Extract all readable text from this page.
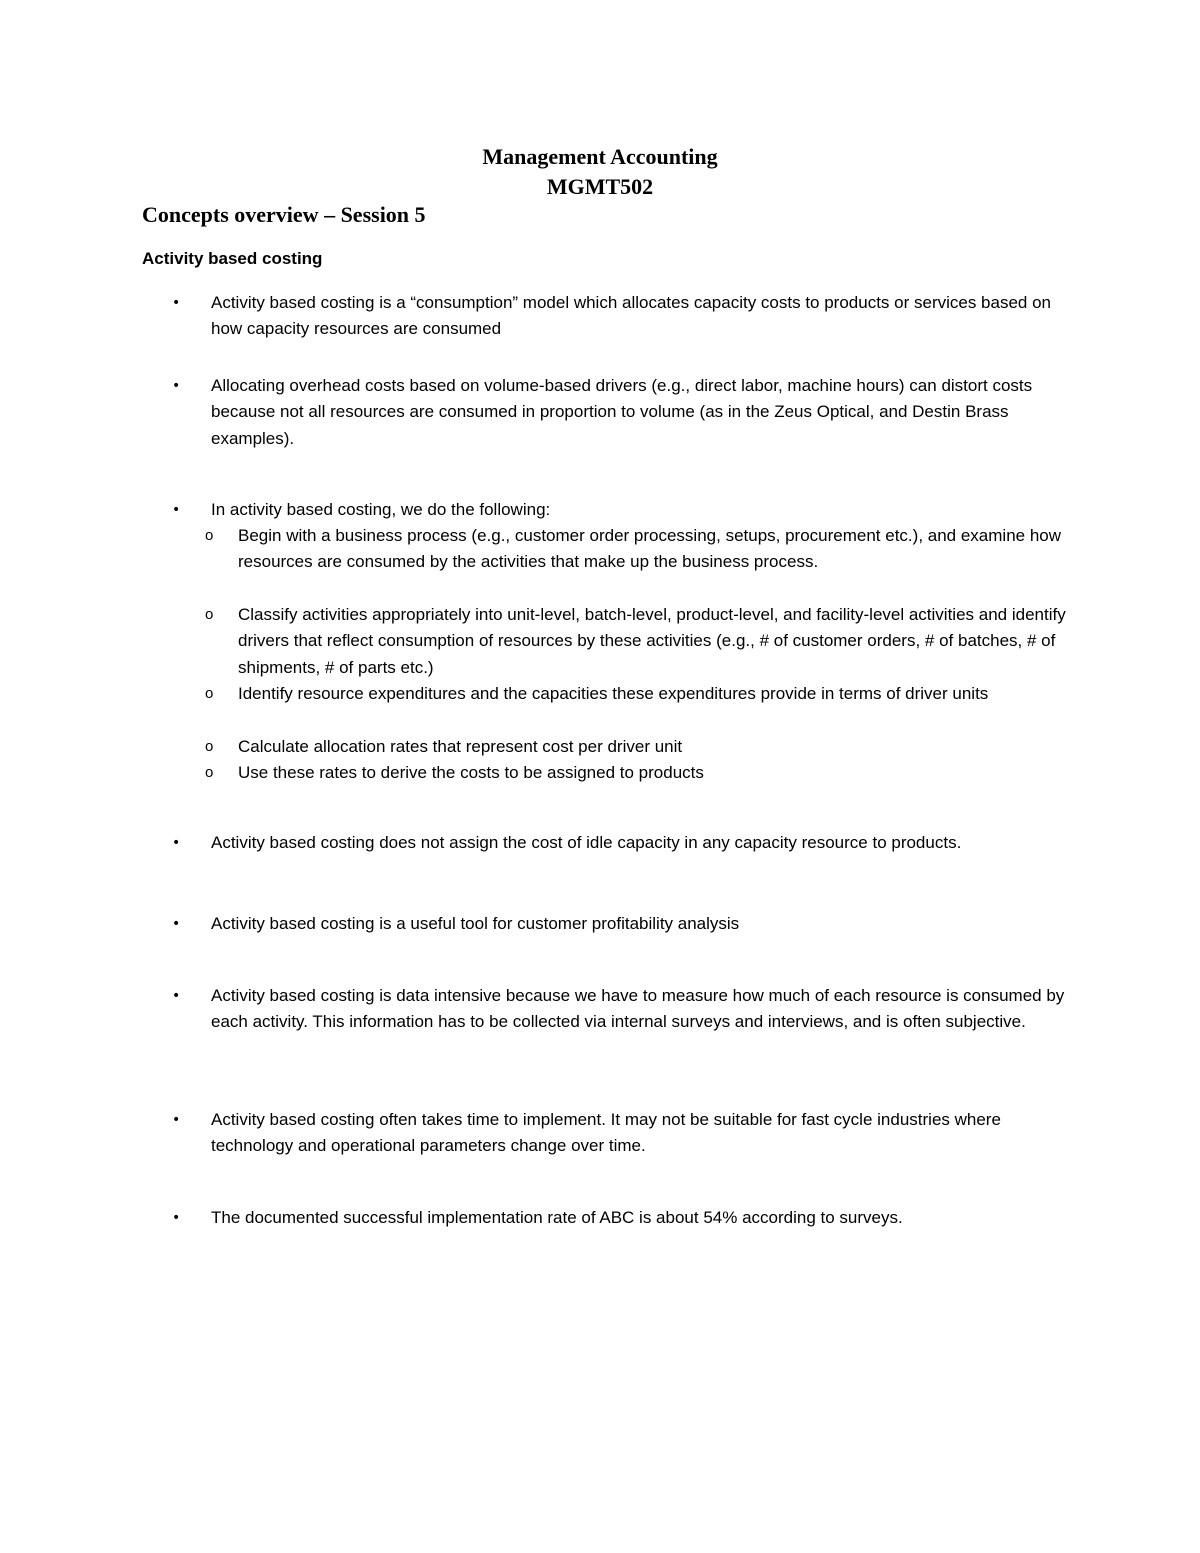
Management Accounting
MGMT502
Concepts overview – Session 5
Activity based costing
• Activity based costing is a “consumption” model which allocates capacity costs to products or services based on how capacity resources are consumed
• Allocating overhead costs based on volume-based drivers (e.g., direct labor, machine hours) can distort costs because not all resources are consumed in proportion to volume (as in the Zeus Optical, and Destin Brass examples).
• In activity based costing, we do the following:
o Begin with a business process (e.g., customer order processing, setups, procurement etc.), and examine how resources are consumed by the activities that make up the business process.
o Classify activities appropriately into unit-level, batch-level, product-level, and facility-level activities and identify drivers that reflect consumption of resources by these activities (e.g., # of customer orders, # of batches, # of shipments, # of parts etc.)
o Identify resource expenditures and the capacities these expenditures provide in terms of driver units
o Calculate allocation rates that represent cost per driver unit
o Use these rates to derive the costs to be assigned to products
• Activity based costing does not assign the cost of idle capacity in any capacity resource to products.
• Activity based costing is a useful tool for customer profitability analysis
• Activity based costing is data intensive because we have to measure how much of each resource is consumed by each activity. This information has to be collected via internal surveys and interviews, and is often subjective.
• Activity based costing often takes time to implement. It may not be suitable for fast cycle industries where technology and operational parameters change over time.
• The documented successful implementation rate of ABC is about 54% according to surveys.
